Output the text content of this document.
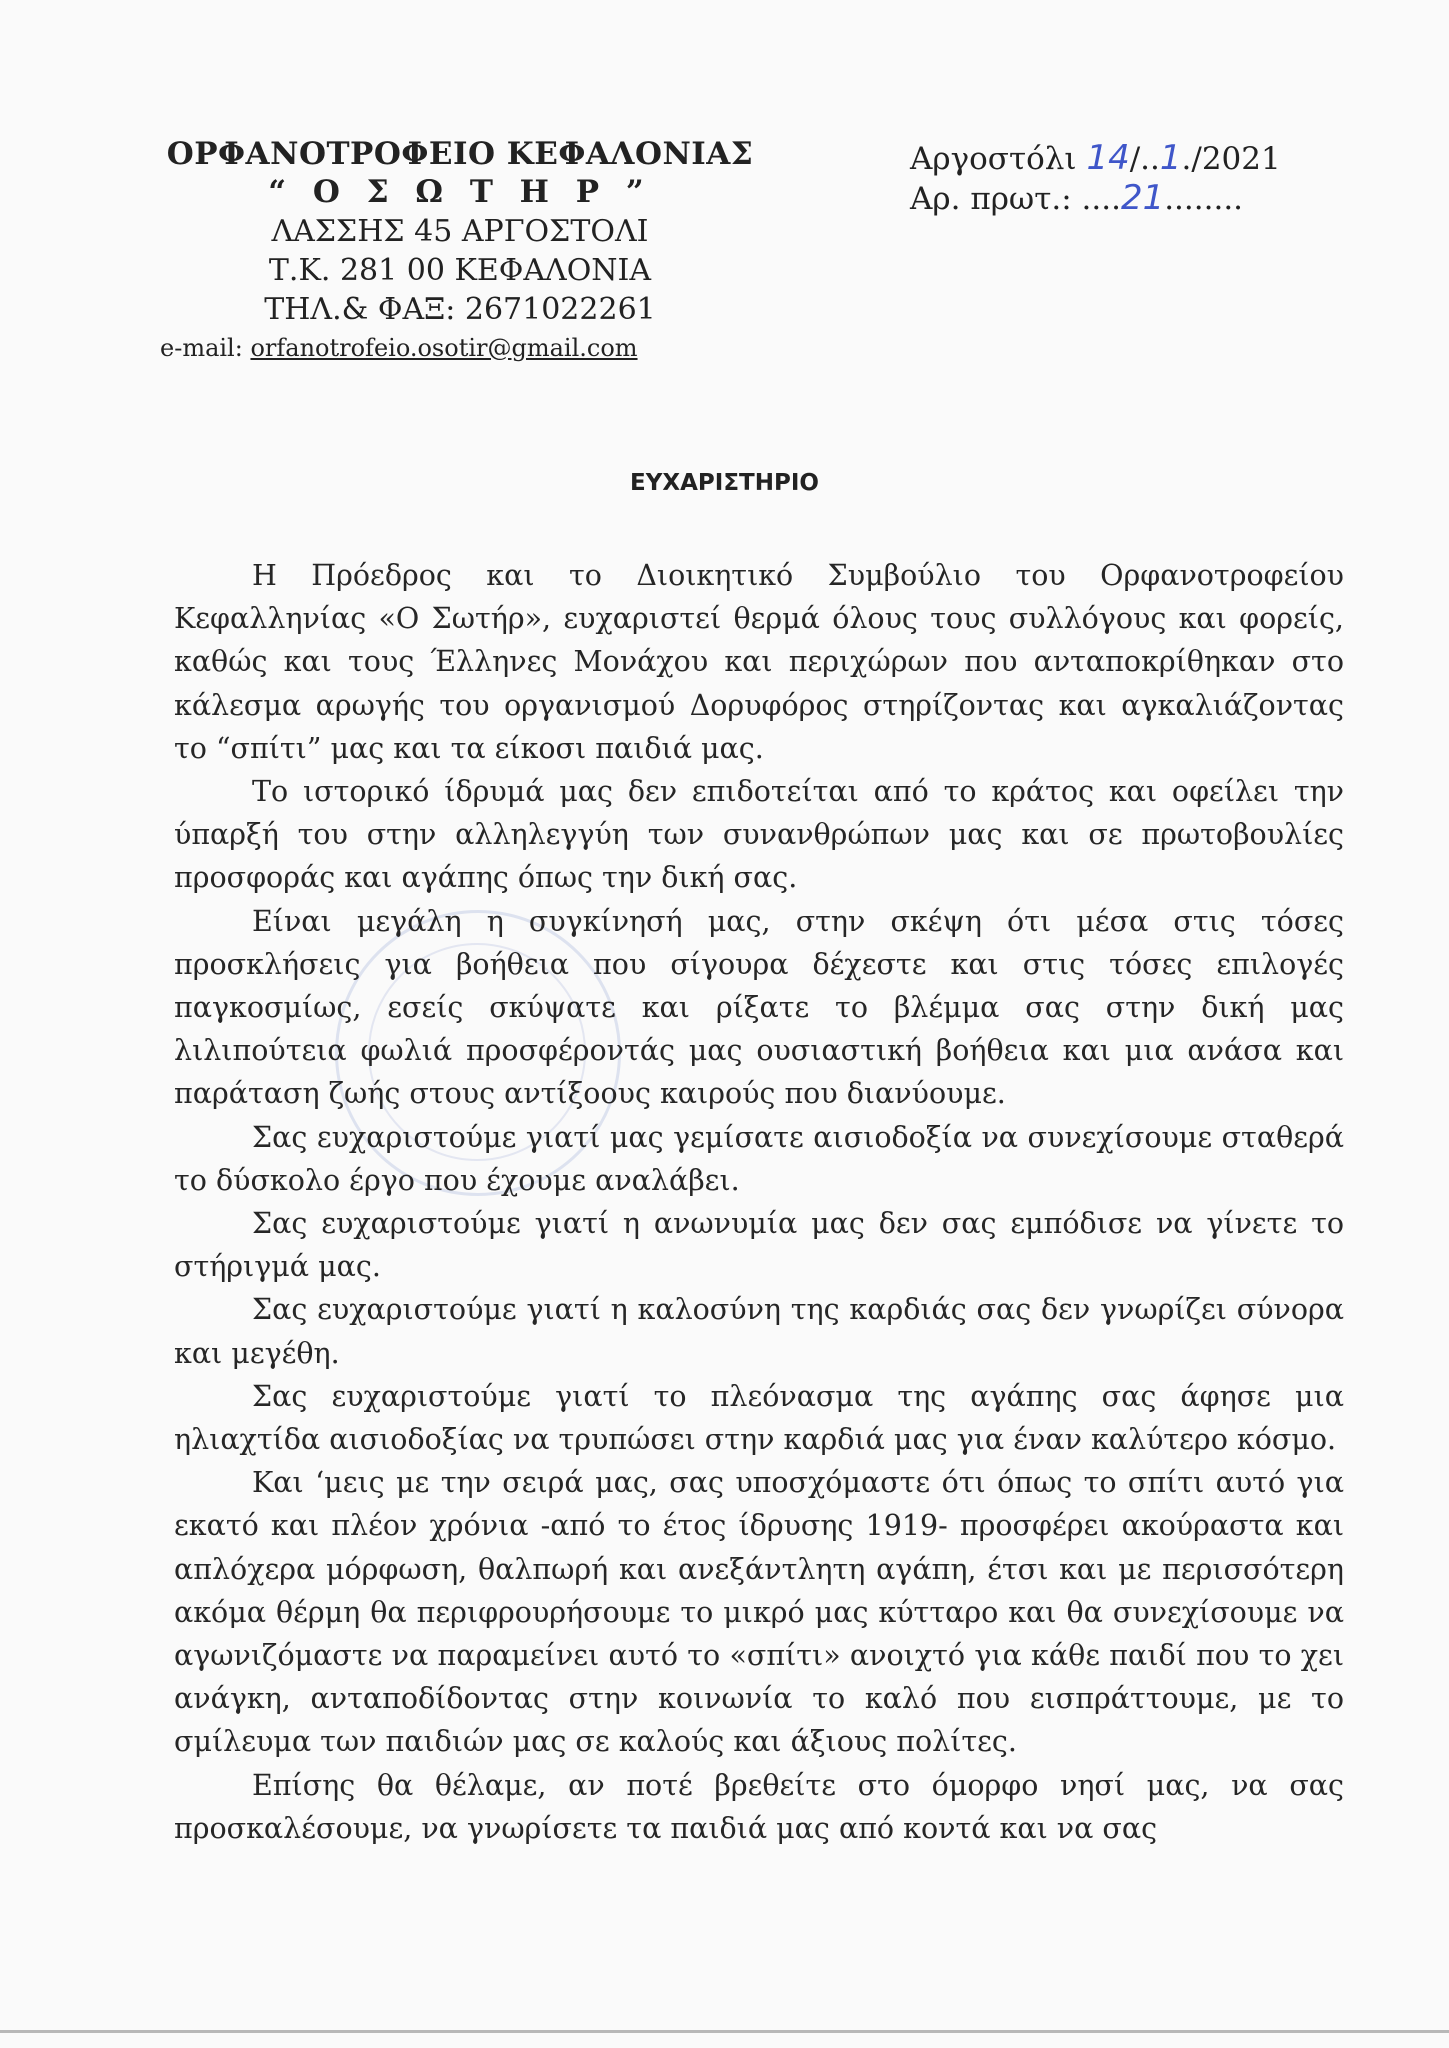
ΟΡΦΑΝΟΤΡΟΦΕΙΟ ΚΕΦΑΛΟΝΙΑΣ
“ Ο Σ Ω Τ Η Ρ ”
ΛΑΣΣΗΣ 45 ΑΡΓΟΣΤΟΛΙ
Τ.Κ. 281 00 ΚΕΦΑΛΟΝΙΑ
ΤΗΛ.& ΦΑΞ: 2671022261
e-mail: orfanotrofeio.osotir@gmail.com
Αργοστόλι 14/..1./2021
Αρ. πρωτ.: ....21........
ΕΥΧΑΡΙΣΤΗΡΙΟ

Η Πρόεδρος και το Διοικητικό Συμβούλιο του Ορφανοτροφείου Κεφαλληνίας «Ο Σωτήρ», ευχαριστεί θερμά όλους τους συλλόγους και φορείς, καθώς και τους Έλληνες Μονάχου και περιχώρων που ανταποκρίθηκαν στο κάλεσμα αρωγής του οργανισμού Δορυφόρος στηρίζοντας και αγκαλιάζοντας το “σπίτι” μας και τα είκοσι παιδιά μας.

Το ιστορικό ίδρυμά μας δεν επιδοτείται από το κράτος και οφείλει την ύπαρξή του στην αλληλεγγύη των συνανθρώπων μας και σε πρωτοβουλίες προσφοράς και αγάπης όπως την δική σας.

Είναι μεγάλη η συγκίνησή μας, στην σκέψη ότι μέσα στις τόσες προσκλήσεις για βοήθεια που σίγουρα δέχεστε και στις τόσες επιλογές παγκοσμίως, εσείς σκύψατε και ρίξατε το βλέμμα σας στην δική μας λιλιπούτεια φωλιά προσφέροντάς μας ουσιαστική βοήθεια και μια ανάσα και παράταση ζωής στους αντίξοους καιρούς που διανύουμε.

Σας ευχαριστούμε γιατί μας γεμίσατε αισιοδοξία να συνεχίσουμε σταθερά το δύσκολο έργο που έχουμε αναλάβει.

Σας ευχαριστούμε γιατί η ανωνυμία μας δεν σας εμπόδισε να γίνετε το στήριγμά μας.

Σας ευχαριστούμε γιατί η καλοσύνη της καρδιάς σας δεν γνωρίζει σύνορα και μεγέθη.

Σας ευχαριστούμε γιατί το πλεόνασμα της αγάπης σας άφησε μια ηλιαχτίδα αισιοδοξίας να τρυπώσει στην καρδιά μας για έναν καλύτερο κόσμο.

Και ‘μεις με την σειρά μας, σας υποσχόμαστε ότι όπως το σπίτι αυτό για εκατό και πλέον χρόνια -από το έτος ίδρυσης 1919- προσφέρει ακούραστα και απλόχερα μόρφωση, θαλπωρή και ανεξάντλητη αγάπη, έτσι και με περισσότερη ακόμα θέρμη θα περιφρουρήσουμε το μικρό μας κύτταρο και θα συνεχίσουμε να αγωνιζόμαστε να παραμείνει αυτό το «σπίτι» ανοιχτό για κάθε παιδί που το χει ανάγκη, ανταποδίδοντας στην κοινωνία το καλό που εισπράττουμε, με το σμίλευμα των παιδιών μας σε καλούς και άξιους πολίτες.

Επίσης θα θέλαμε, αν ποτέ βρεθείτε στο όμορφο νησί μας, να σας προσκαλέσουμε, να γνωρίσετε τα παιδιά μας από κοντά και να σας
